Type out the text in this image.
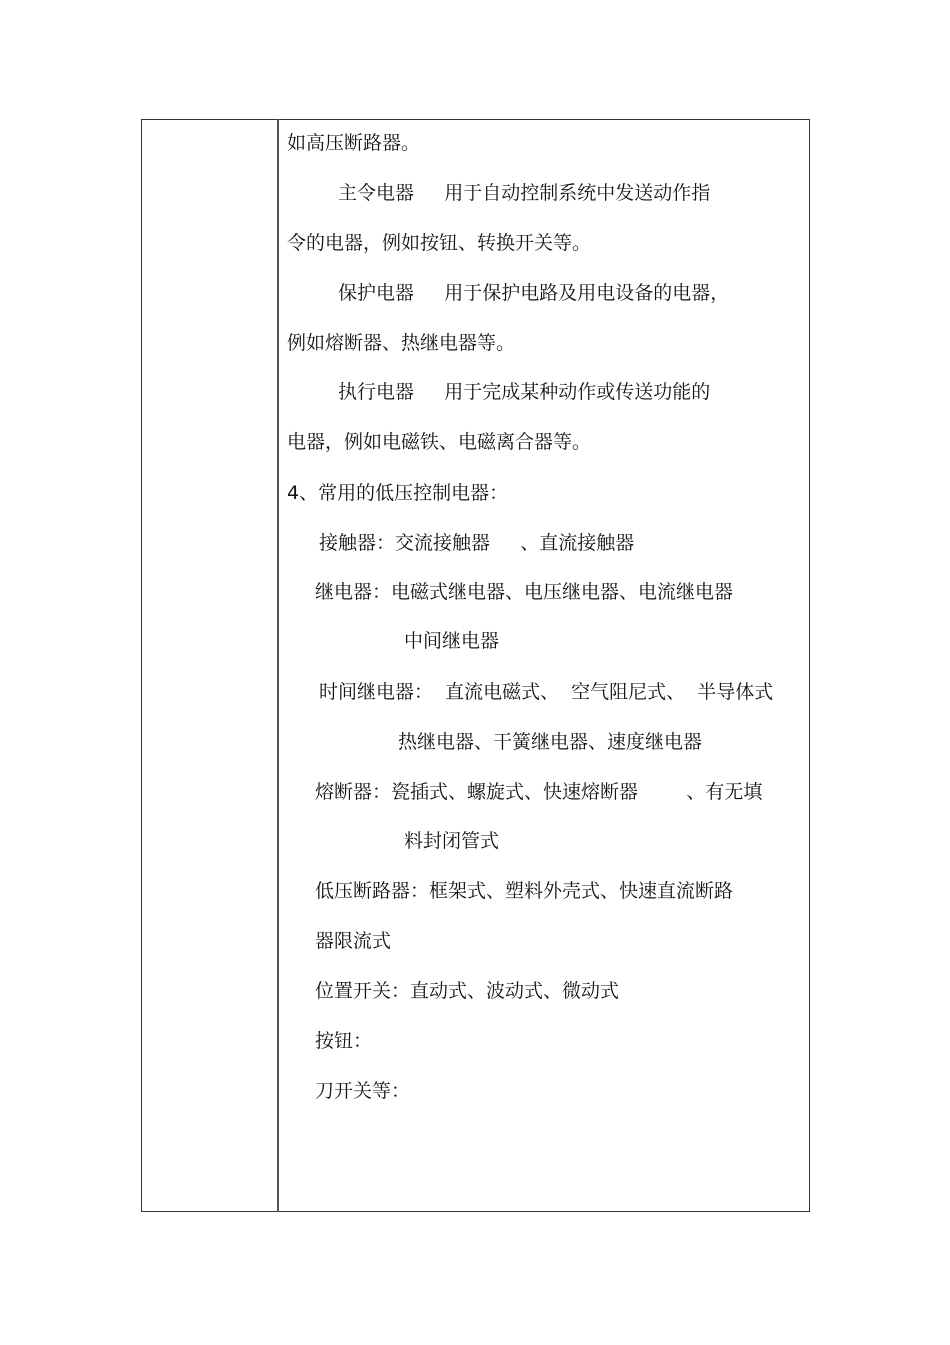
如高压断路器。
主令电器     用于自动控制系统中发送动作指
令的电器，例如按钮、转换开关等。
保护电器     用于保护电路及用电设备的电器，
例如熔断器、热继电器等。
执行电器     用于完成某种动作或传送功能的
电器，例如电磁铁、电磁离合器等。
4、常用的低压控制电器：
接触器：交流接触器     、直流接触器
继电器：电磁式继电器、电压继电器、电流继电器
中间继电器
时间继电器：  直流电磁式、  空气阻尼式、  半导体式
热继电器、干簧继电器、速度继电器
熔断器：瓷插式、螺旋式、快速熔断器        、有无填
料封闭管式
低压断路器：框架式、塑料外壳式、快速直流断路
器限流式
位置开关：直动式、波动式、微动式
按钮：
刀开关等：
